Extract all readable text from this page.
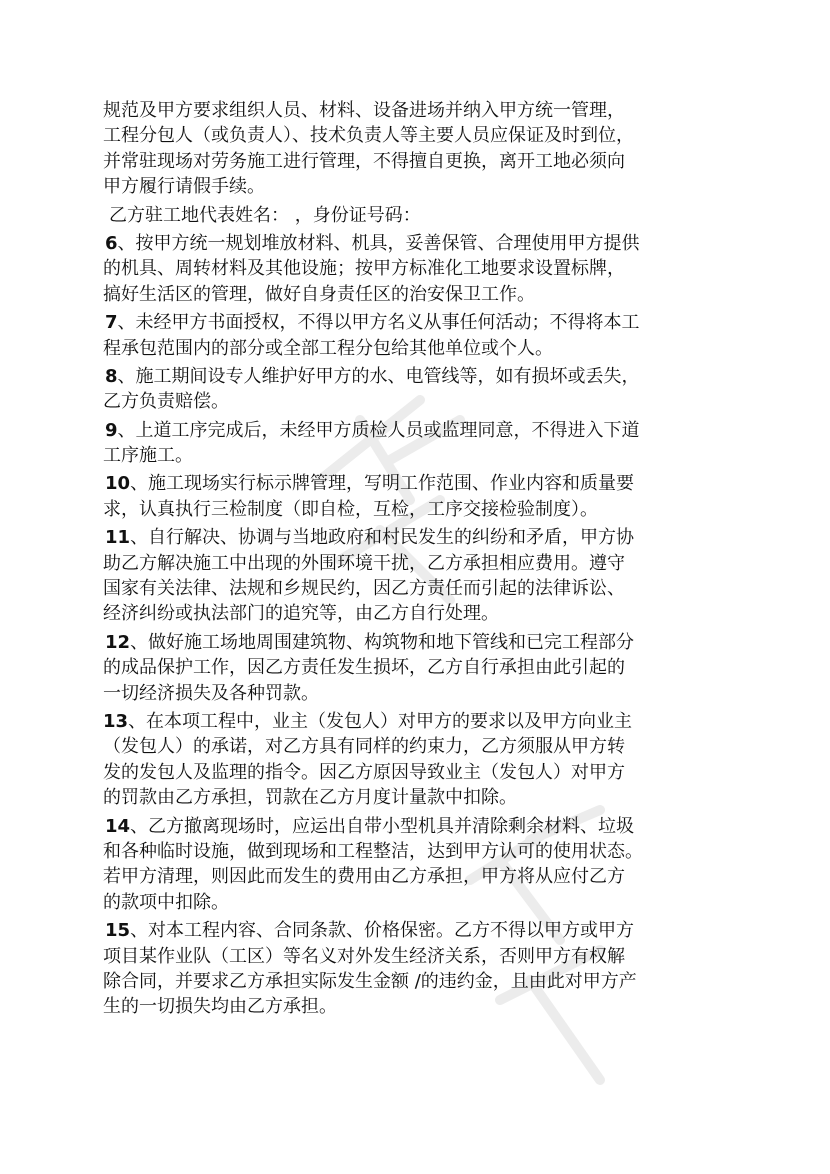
规范及甲方要求组织人员、材料、设备进场并纳入甲方统一管理，
工程分包人（或负责人）、技术负责人等主要人员应保证及时到位，
并常驻现场对劳务施工进行管理，不得擅自更换，离开工地必须向
甲方履行请假手续。
乙方驻工地代表姓名： ，身份证号码：
6、按甲方统一规划堆放材料、机具，妥善保管、合理使用甲方提供
的机具、周转材料及其他设施；按甲方标准化工地要求设置标牌，
搞好生活区的管理，做好自身责任区的治安保卫工作。
7、未经甲方书面授权，不得以甲方名义从事任何活动；不得将本工
程承包范围内的部分或全部工程分包给其他单位或个人。
8、施工期间设专人维护好甲方的水、电管线等，如有损坏或丢失，
乙方负责赔偿。
9、上道工序完成后，未经甲方质检人员或监理同意，不得进入下道
工序施工。
10、施工现场实行标示牌管理，写明工作范围、作业内容和质量要
求，认真执行三检制度（即自检，互检，工序交接检验制度）。
11、自行解决、协调与当地政府和村民发生的纠纷和矛盾，甲方协
助乙方解决施工中出现的外围环境干扰，乙方承担相应费用。遵守
国家有关法律、法规和乡规民约，因乙方责任而引起的法律诉讼、
经济纠纷或执法部门的追究等，由乙方自行处理。
12、做好施工场地周围建筑物、构筑物和地下管线和已完工程部分
的成品保护工作，因乙方责任发生损坏，乙方自行承担由此引起的
一切经济损失及各种罚款。
13、在本项工程中，业主（发包人）对甲方的要求以及甲方向业主
（发包人）的承诺，对乙方具有同样的约束力，乙方须服从甲方转
发的发包人及监理的指令。因乙方原因导致业主（发包人）对甲方
的罚款由乙方承担，罚款在乙方月度计量款中扣除。
14、乙方撤离现场时，应运出自带小型机具并清除剩余材料、垃圾
和各种临时设施，做到现场和工程整洁，达到甲方认可的使用状态。
若甲方清理，则因此而发生的费用由乙方承担，甲方将从应付乙方
的款项中扣除。
15、对本工程内容、合同条款、价格保密。乙方不得以甲方或甲方
项目某作业队（工区）等名义对外发生经济关系，否则甲方有权解
除合同，并要求乙方承担实际发生金额 /的违约金，且由此对甲方产
生的一切损失均由乙方承担。
